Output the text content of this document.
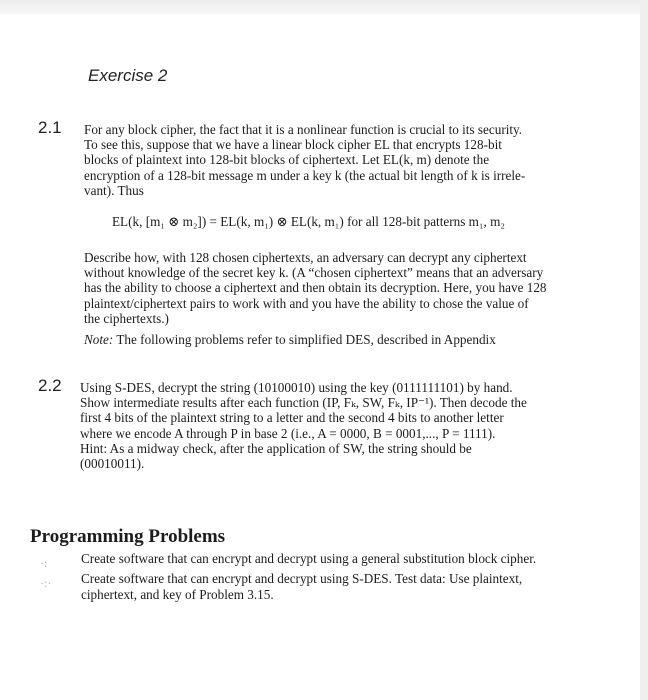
Exercise 2
2.1 For any block cipher, the fact that it is a nonlinear function is crucial to its security.
To see this, suppose that we have a linear block cipher EL that encrypts 128-bit
blocks of plaintext into 128-bit blocks of ciphertext. Let EL(k, m) denote the
encryption of a 128-bit message m under a key k (the actual bit length of k is irrele-
vant). Thus
EL(k, [m₁ ⊗ m₂]) = EL(k, m₁) ⊗ EL(k, m₁) for all 128-bit patterns m₁, m₂
Describe how, with 128 chosen ciphertexts, an adversary can decrypt any ciphertext
without knowledge of the secret key k. (A “chosen ciphertext” means that an adversary
has the ability to choose a ciphertext and then obtain its decryption. Here, you have 128
plaintext/ciphertext pairs to work with and you have the ability to chose the value of
the ciphertexts.)
Note: The following problems refer to simplified DES, described in Appendix
2.2 Using S-DES, decrypt the string (10100010) using the key (0111111101) by hand.
Show intermediate results after each function (IP, Fₖ, SW, Fₖ, IP⁻¹). Then decode the
first 4 bits of the plaintext string to a letter and the second 4 bits to another letter
where we encode A through P in base 2 (i.e., A = 0000, B = 0001,..., P = 1111).
Hint: As a midway check, after the application of SW, the string should be
(00010011).
Programming Problems
·:
·:·
Create software that can encrypt and decrypt using a general substitution block cipher.
Create software that can encrypt and decrypt using S-DES. Test data: Use plaintext,
ciphertext, and key of Problem 3.15.
